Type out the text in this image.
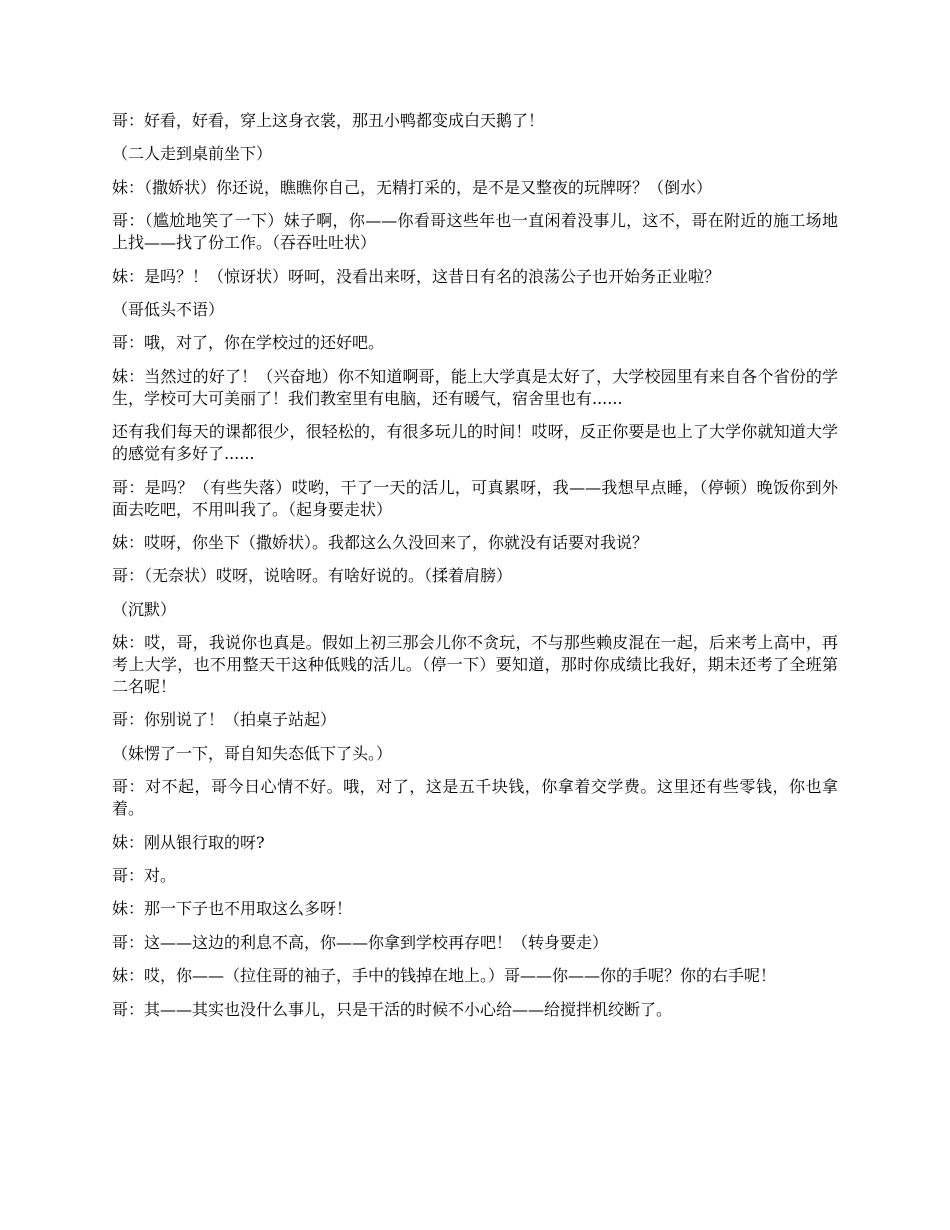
哥：好看，好看，穿上这身衣裳，那丑小鸭都变成白天鹅了！

（二人走到桌前坐下）

妹：（撒娇状）你还说，瞧瞧你自己，无精打采的，是不是又整夜的玩牌呀？（倒水）

哥：（尴尬地笑了一下）妹子啊，你——你看哥这些年也一直闲着没事儿，这不，哥在附近的施工场地上找——找了份工作。（吞吞吐吐状）

妹：是吗？！（惊讶状）呀呵，没看出来呀，这昔日有名的浪荡公子也开始务正业啦？

（哥低头不语）

哥：哦，对了，你在学校过的还好吧。

妹：当然过的好了！（兴奋地）你不知道啊哥，能上大学真是太好了，大学校园里有来自各个省份的学生，学校可大可美丽了！我们教室里有电脑，还有暖气，宿舍里也有......

还有我们每天的课都很少，很轻松的，有很多玩儿的时间！哎呀，反正你要是也上了大学你就知道大学的感觉有多好了......

哥：是吗？（有些失落）哎哟，干了一天的活儿，可真累呀，我——我想早点睡，（停顿）晚饭你到外面去吃吧，不用叫我了。（起身要走状）

妹：哎呀，你坐下（撒娇状）。我都这么久没回来了，你就没有话要对我说？

哥：（无奈状）哎呀，说啥呀。有啥好说的。（揉着肩膀）

（沉默）

妹：哎，哥，我说你也真是。假如上初三那会儿你不贪玩，不与那些赖皮混在一起，后来考上高中，再考上大学，也不用整天干这种低贱的活儿。（停一下）要知道，那时你成绩比我好，期末还考了全班第二名呢！

哥：你别说了！（拍桌子站起）

（妹愣了一下，哥自知失态低下了头。）

哥：对不起，哥今日心情不好。哦，对了，这是五千块钱，你拿着交学费。这里还有些零钱，你也拿着。

妹：刚从银行取的呀?

哥：对。

妹：那一下子也不用取这么多呀！

哥：这——这边的利息不高，你——你拿到学校再存吧！（转身要走）

妹：哎，你——（拉住哥的袖子，手中的钱掉在地上。）哥——你——你的手呢？你的右手呢！

哥：其——其实也没什么事儿，只是干活的时候不小心给——给搅拌机绞断了。
